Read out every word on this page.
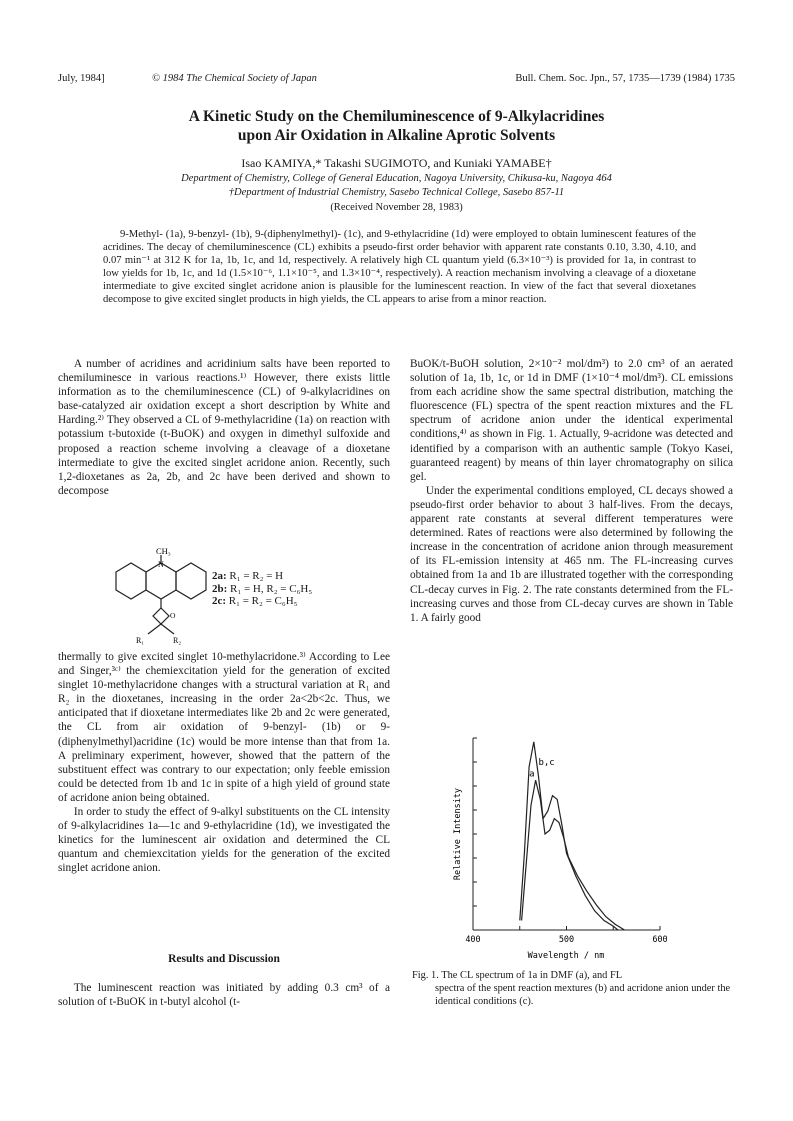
July, 1984]	© 1984 The Chemical Society of Japan	Bull. Chem. Soc. Jpn., 57, 1735—1739 (1984) 1735
A Kinetic Study on the Chemiluminescence of 9-Alkylacridines
upon Air Oxidation in Alkaline Aprotic Solvents
Isao KAMIYA,* Takashi SUGIMOTO, and Kuniaki YAMABE†
Department of Chemistry, College of General Education, Nagoya University, Chikusa-ku, Nagoya 464
†Department of Industrial Chemistry, Sasebo Technical College, Sasebo 857-11
(Received November 28, 1983)
9-Methyl- (1a), 9-benzyl- (1b), 9-(diphenylmethyl)- (1c), and 9-ethylacridine (1d) were employed to obtain luminescent features of the acridines. The decay of chemiluminescence (CL) exhibits a pseudo-first order behavior with apparent rate constants 0.10, 3.30, 4.10, and 0.07 min⁻¹ at 312 K for 1a, 1b, 1c, and 1d, respectively. A relatively high CL quantum yield (6.3×10⁻³) is provided for 1a, in contrast to low yields for 1b, 1c, and 1d (1.5×10⁻⁶, 1.1×10⁻⁵, and 1.3×10⁻⁴, respectively). A reaction mechanism involving a cleavage of a dioxetane intermediate to give excited singlet acridone anion is plausible for the luminescent reaction. In view of the fact that several dioxetanes decompose to give excited singlet products in high yields, the CL appears to arise from a minor reaction.

A number of acridines and acridinium salts have been reported to chemiluminesce in various reactions.¹⁾ However, there exists little information as to the chemiluminescence (CL) of 9-alkylacridines on base-catalyzed air oxidation except a short description by White and Harding.²⁾ They observed a CL of 9-methylacridine (1a) on reaction with potassium t-butoxide (t-BuOK) and oxygen in dimethyl sulfoxide and proposed a reaction scheme involving a cleavage of a dioxetane intermediate to give the excited singlet acridone anion. Recently, such 1,2-dioxetanes as 2a, 2b, and 2c have been derived and shown to decompose

CH₃
N
O
R₁	R₂
2a: R₁ = R₂ = H
2b: R₁ = H, R₂ = C₆H₅
2c: R₁ = R₂ = C₆H₅

thermally to give excited singlet 10-methylacridone.³⁾ According to Lee and Singer,³ᶜ⁾ the chemiexcitation yield for the generation of excited singlet 10-methylacridone changes with a structural variation at R₁ and R₂ in the dioxetanes, increasing in the order 2a<2b<2c. Thus, we anticipated that if dioxetane intermediates like 2b and 2c were generated, the CL from air oxidation of 9-benzyl- (1b) or 9-(diphenylmethyl)acridine (1c) would be more intense than that from 1a. A preliminary experiment, however, showed that the pattern of the substituent effect was contrary to our expectation; only feeble emission could be detected from 1b and 1c in spite of a high yield of ground state of acridone anion being obtained.

In order to study the effect of 9-alkyl substituents on the CL intensity of 9-alkylacridines 1a—1c and 9-ethylacridine (1d), we investigated the kinetics for the luminescent air oxidation and determined the CL quantum and chemiexcitation yields for the generation of the excited singlet acridone anion.

Results and Discussion

The luminescent reaction was initiated by adding 0.3 cm³ of a solution of t-BuOK in t-butyl alcohol (t-

BuOK/t-BuOH solution, 2×10⁻² mol/dm³) to 2.0 cm³ of an aerated solution of 1a, 1b, 1c, or 1d in DMF (1×10⁻⁴ mol/dm³). CL emissions from each acridine show the same spectral distribution, matching the fluorescence (FL) spectra of the spent reaction mixtures and the FL spectrum of acridone anion under the identical experimental conditions,⁴⁾ as shown in Fig. 1. Actually, 9-acridone was detected and identified by a comparison with an authentic sample (Tokyo Kasei, guaranteed reagent) by means of thin layer chromatography on silica gel.

Under the experimental conditions employed, CL decays showed a pseudo-first order behavior to about 3 half-lives. From the decays, apparent rate constants at several different temperatures were determined. Rates of reactions were also determined by following the increase in the concentration of acridone anion through measurement of its FL-emission intensity at 465 nm. The FL-increasing curves obtained from 1a and 1b are illustrated together with the corresponding CL-decay curves in Fig. 2. The rate constants determined from the FL-increasing curves and those from CL-decay curves are shown in Table 1. A fairly good

400	500	600
a
b,c
Relative Intensity
Wavelength / nm
Fig. 1. The CL spectrum of 1a in DMF (a), and FL
spectra of the spent reaction mextures (b) and acridone anion under the identical conditions (c).
